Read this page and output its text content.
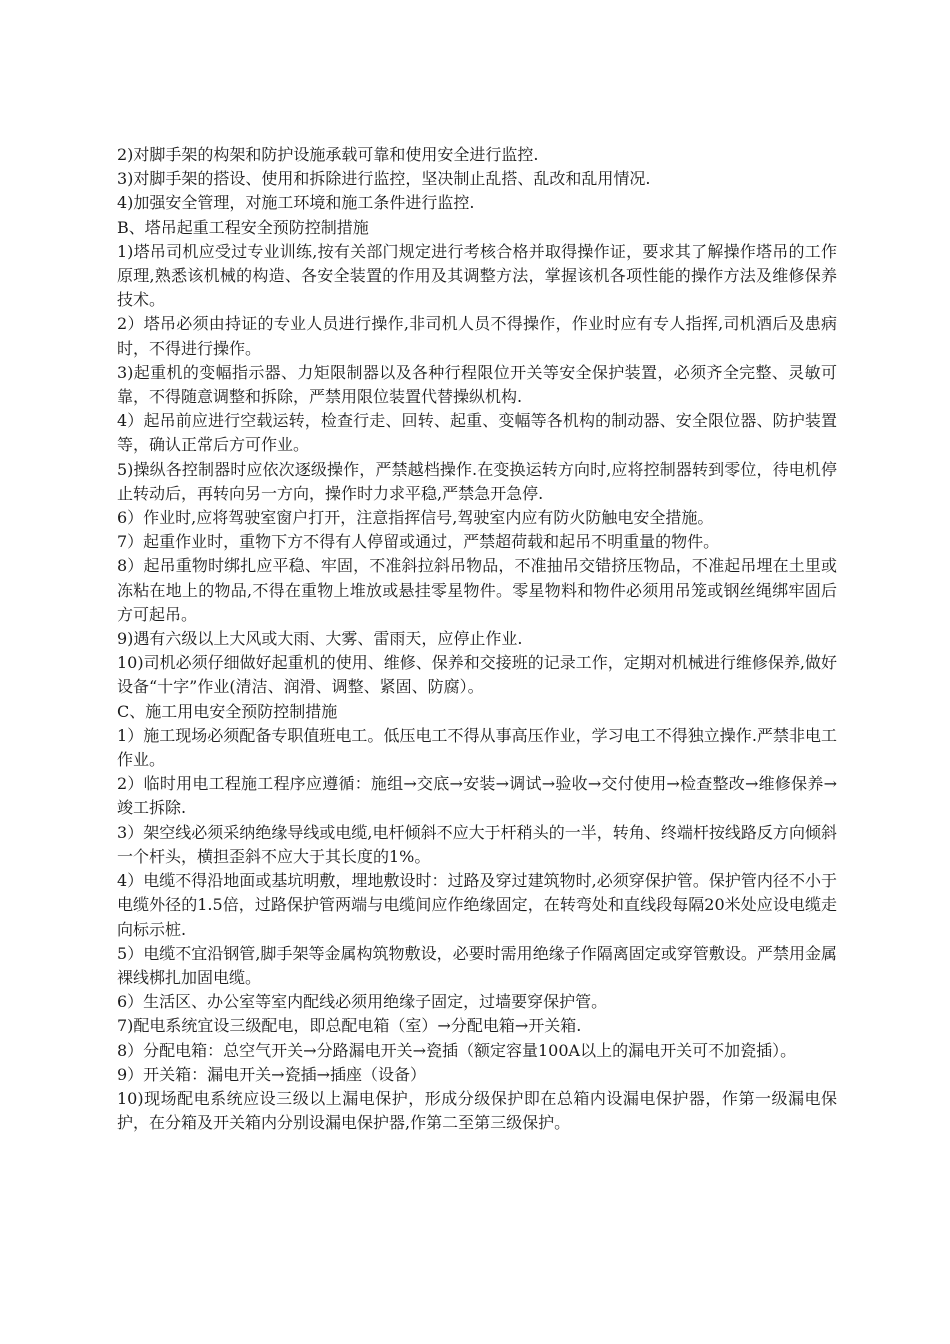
2)对脚手架的构架和防护设施承载可靠和使用安全进行监控.

3)对脚手架的搭设、使用和拆除进行监控，坚决制止乱搭、乱改和乱用情况.

4)加强安全管理，对施工环境和施工条件进行监控.

B、塔吊起重工程安全预防控制措施

1)塔吊司机应受过专业训练,按有关部门规定进行考核合格并取得操作证，要求其了解操作塔吊的工作原理,熟悉该机械的构造、各安全装置的作用及其调整方法，掌握该机各项性能的操作方法及维修保养技术。

2）塔吊必须由持证的专业人员进行操作,非司机人员不得操作，作业时应有专人指挥,司机酒后及患病时，不得进行操作。

3)起重机的变幅指示器、力矩限制器以及各种行程限位开关等安全保护装置，必须齐全完整、灵敏可靠，不得随意调整和拆除，严禁用限位装置代替操纵机构.

4）起吊前应进行空载运转，检查行走、回转、起重、变幅等各机构的制动器、安全限位器、防护装置等，确认正常后方可作业。

5)操纵各控制器时应依次逐级操作，严禁越档操作.在变换运转方向时,应将控制器转到零位，待电机停止转动后，再转向另一方向，操作时力求平稳,严禁急开急停.

6）作业时,应将驾驶室窗户打开，注意指挥信号,驾驶室内应有防火防触电安全措施。

7）起重作业时，重物下方不得有人停留或通过，严禁超荷载和起吊不明重量的物件。

8）起吊重物时绑扎应平稳、牢固，不准斜拉斜吊物品，不准抽吊交错挤压物品，不准起吊埋在土里或冻粘在地上的物品,不得在重物上堆放或悬挂零星物件。零星物料和物件必须用吊笼或钢丝绳绑牢固后方可起吊。

9)遇有六级以上大风或大雨、大雾、雷雨天，应停止作业.

10)司机必须仔细做好起重机的使用、维修、保养和交接班的记录工作，定期对机械进行维修保养,做好设备“十字”作业(清洁、润滑、调整、紧固、防腐）。

C、施工用电安全预防控制措施

1）施工现场必须配备专职值班电工。低压电工不得从事高压作业，学习电工不得独立操作.严禁非电工作业。

2）临时用电工程施工程序应遵循：施组→交底→安装→调试→验收→交付使用→检查整改→维修保养→竣工拆除.

3）架空线必须采纳绝缘导线或电缆,电杆倾斜不应大于杆稍头的一半，转角、终端杆按线路反方向倾斜一个杆头，横担歪斜不应大于其长度的1%。

4）电缆不得沿地面或基坑明敷，埋地敷设时：过路及穿过建筑物时,必须穿保护管。保护管内径不小于电缆外径的1.5倍，过路保护管两端与电缆间应作绝缘固定，在转弯处和直线段每隔20米处应设电缆走向标示桩.

5）电缆不宜沿钢管,脚手架等金属构筑物敷设，必要时需用绝缘子作隔离固定或穿管敷设。严禁用金属裸线梆扎加固电缆。

6）生活区、办公室等室内配线必须用绝缘子固定，过墙要穿保护管。

7)配电系统宜设三级配电，即总配电箱（室）→分配电箱→开关箱.

8）分配电箱：总空气开关→分路漏电开关→瓷插（额定容量100A以上的漏电开关可不加瓷插）。

9）开关箱：漏电开关→瓷插→插座（设备）

10)现场配电系统应设三级以上漏电保护，形成分级保护即在总箱内设漏电保护器，作第一级漏电保护，在分箱及开关箱内分别设漏电保护器,作第二至第三级保护。
